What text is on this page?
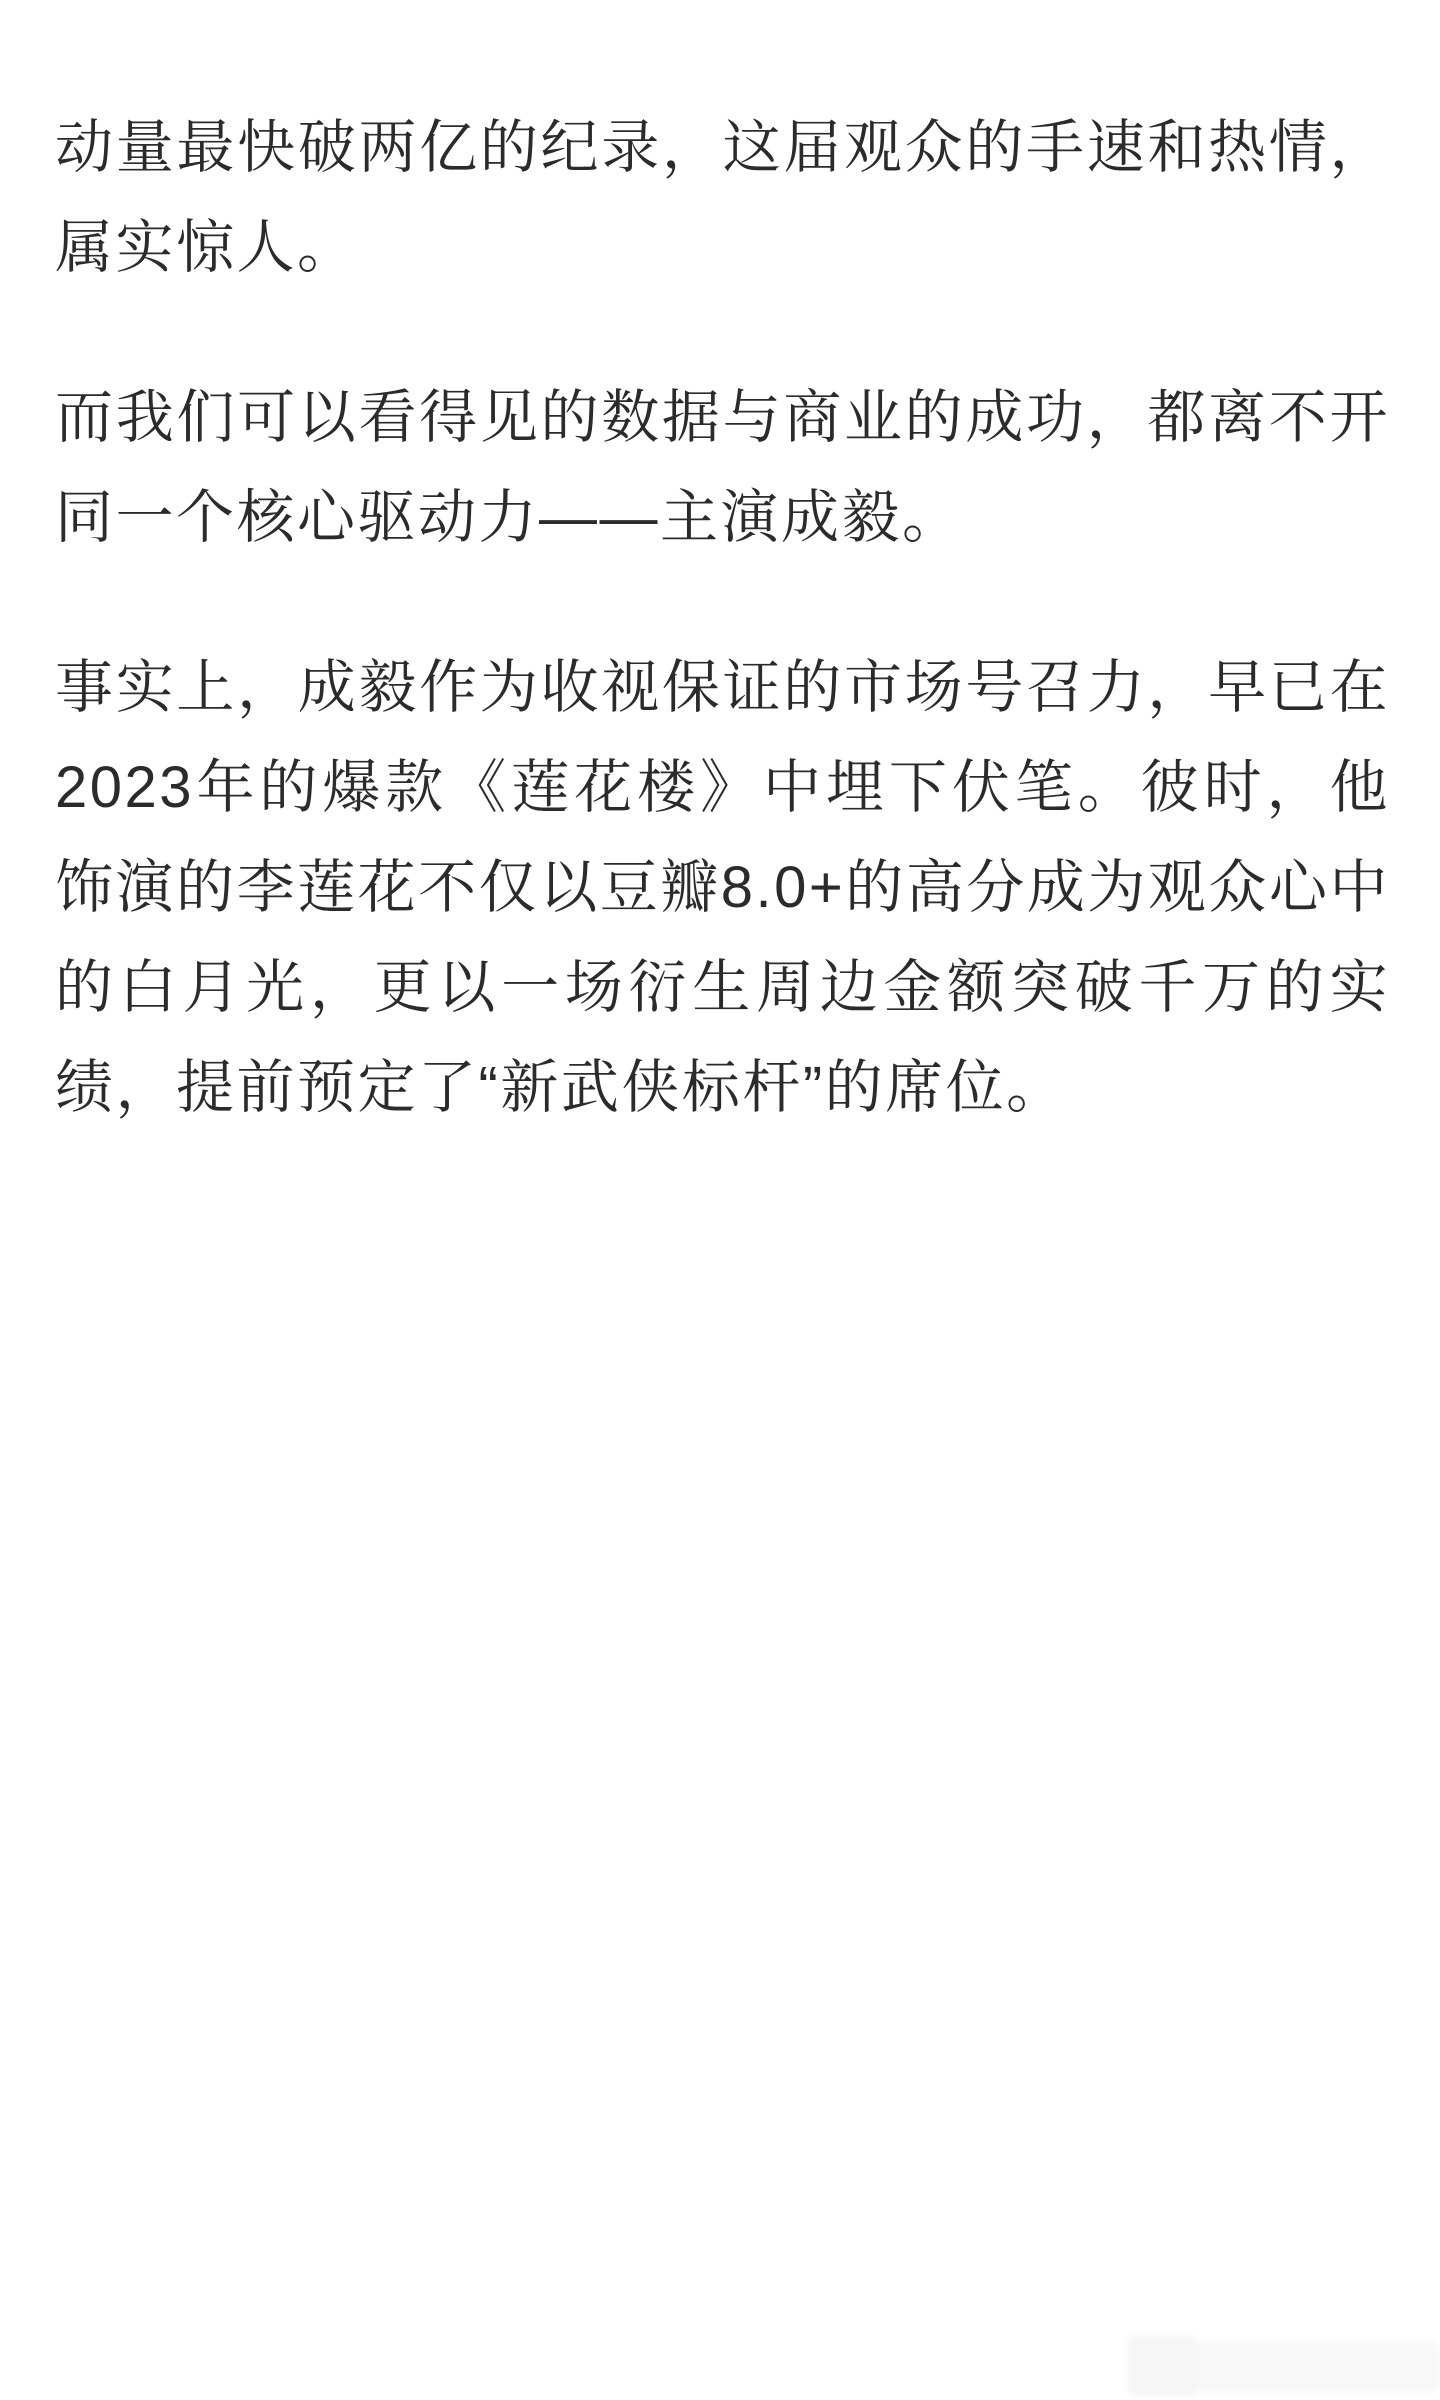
动量最快破两亿的纪录，这届观众的手速和热情，属实惊人。

而我们可以看得见的数据与商业的成功，都离不开同一个核心驱动力——主演成毅。

事实上，成毅作为收视保证的市场号召力，早已在2023年的爆款《莲花楼》中埋下伏笔。彼时，他饰演的李莲花不仅以豆瓣8.0+的高分成为观众心中的白月光，更以一场衍生周边金额突破千万的实绩，提前预定了“新武侠标杆”的席位。
